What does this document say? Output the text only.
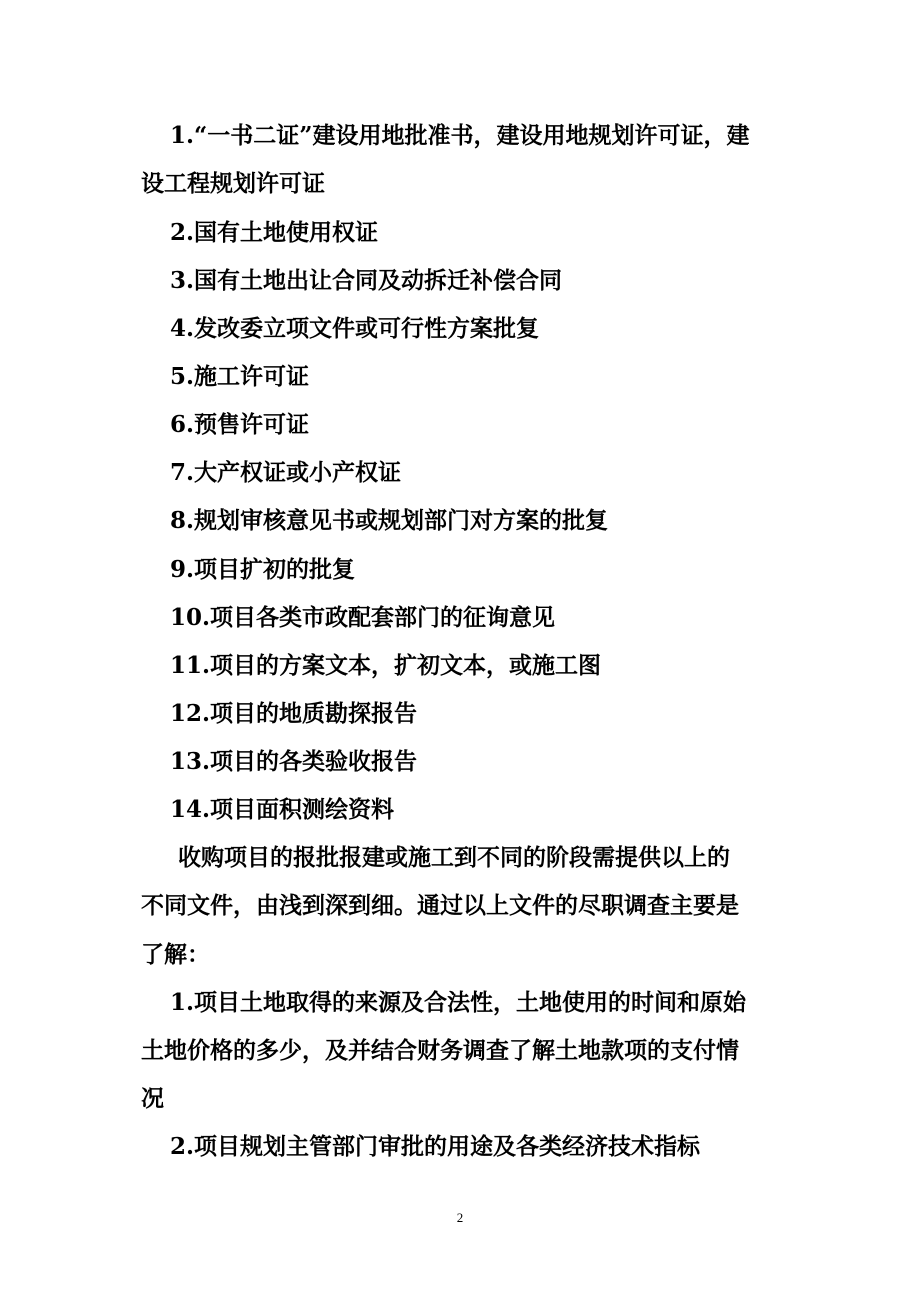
1.“一书二证”建设用地批准书，建设用地规划许可证，建
设工程规划许可证
2.国有土地使用权证
3.国有土地出让合同及动拆迁补偿合同
4.发改委立项文件或可行性方案批复
5.施工许可证
6.预售许可证
7.大产权证或小产权证
8.规划审核意见书或规划部门对方案的批复
9.项目扩初的批复
10.项目各类市政配套部门的征询意见
11.项目的方案文本，扩初文本，或施工图
12.项目的地质勘探报告
13.项目的各类验收报告
14.项目面积测绘资料
收购项目的报批报建或施工到不同的阶段需提供以上的
不同文件，由浅到深到细。通过以上文件的尽职调查主要是
了解：
1.项目土地取得的来源及合法性，土地使用的时间和原始
土地价格的多少，及并结合财务调查了解土地款项的支付情
况
2.项目规划主管部门审批的用途及各类经济技术指标
2
